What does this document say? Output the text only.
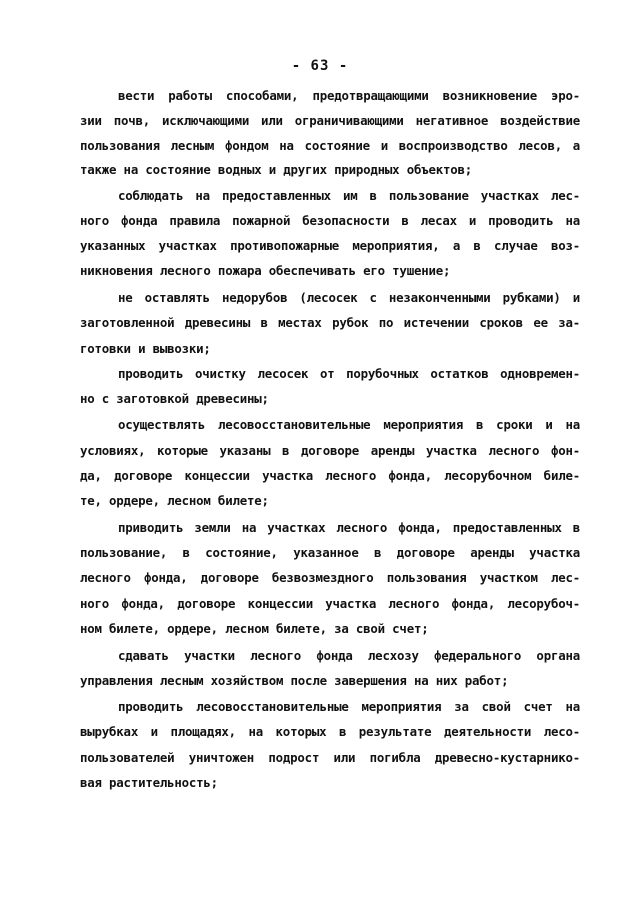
- 63 -
вести работы способами, предотвращающими возникновение эро-
зии почв, исключающими или ограничивающими негативное воздействие
пользования лесным фондом на состояние и воспроизводство лесов, а
также на состояние водных и других природных объектов;
соблюдать на предоставленных им в пользование участках лес-
ного фонда правила пожарной безопасности в лесах и проводить на
указанных участках противопожарные мероприятия, а в случае воз-
никновения лесного пожара обеспечивать его тушение;
не оставлять недорубов (лесосек с незаконченными рубками) и
заготовленной древесины в местах рубок по истечении сроков ее за-
готовки и вывозки;
проводить очистку лесосек от порубочных остатков одновремен-
но с заготовкой древесины;
осуществлять лесовосстановительные мероприятия в сроки и на
условиях, которые указаны в договоре аренды участка лесного фон-
да, договоре концессии участка лесного фонда, лесорубочном биле-
те, ордере, лесном билете;
приводить земли на участках лесного фонда, предоставленных в
пользование, в состояние, указанное в договоре аренды участка
лесного фонда, договоре безвозмездного пользования участком лес-
ного фонда, договоре концессии участка лесного фонда, лесорубоч-
ном билете, ордере, лесном билете, за свой счет;
сдавать участки лесного фонда лесхозу федерального органа
управления лесным хозяйством после завершения на них работ;
проводить лесовосстановительные мероприятия за свой счет на
вырубках и площадях, на которых в результате деятельности лесо-
пользователей уничтожен подрост или погибла древесно-кустарнико-
вая растительность;
